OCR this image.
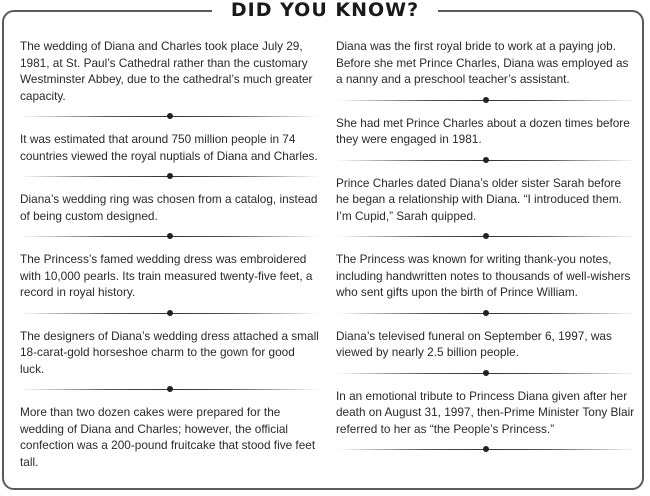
DID YOU KNOW?

The wedding of Diana and Charles took place July 29, 1981, at St. Paul’s Cathedral rather than the customary Westminster Abbey, due to the cathedral’s much greater capacity.

It was estimated that around 750 million people in 74 countries viewed the royal nuptials of Diana and Charles.

Diana’s wedding ring was chosen from a catalog, instead of being custom designed.

The Princess’s famed wedding dress was embroidered with 10,000 pearls. Its train measured twenty-five feet, a record in royal history.

The designers of Diana’s wedding dress attached a small 18-carat-gold horseshoe charm to the gown for good luck.

More than two dozen cakes were prepared for the wedding of Diana and Charles; however, the official confection was a 200-pound fruitcake that stood five feet tall.

Diana was the first royal bride to work at a paying job. Before she met Prince Charles, Diana was employed as a nanny and a preschool teacher’s assistant.

She had met Prince Charles about a dozen times before they were engaged in 1981.

Prince Charles dated Diana’s older sister Sarah before he began a relationship with Diana. “I introduced them. I’m Cupid,” Sarah quipped.

The Princess was known for writing thank-you notes, including handwritten notes to thousands of well-wishers who sent gifts upon the birth of Prince William.

Diana’s televised funeral on September 6, 1997, was viewed by nearly 2.5 billion people.

In an emotional tribute to Princess Diana given after her death on August 31, 1997, then-Prime Minister Tony Blair referred to her as “the People’s Princess.”
